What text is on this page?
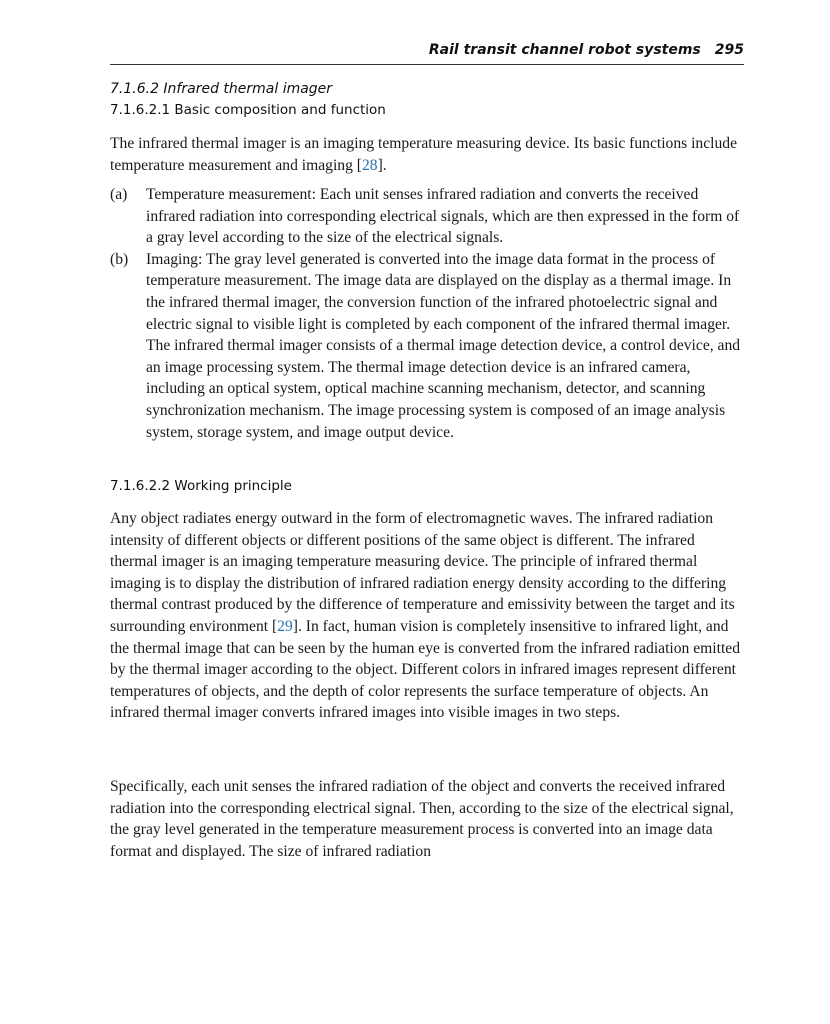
Rail transit channel robot systems 295
7.1.6.2 Infrared thermal imager
7.1.6.2.1 Basic composition and function

The infrared thermal imager is an imaging temperature measuring device. Its basic functions include temperature measurement and imaging [28].

(a) Temperature measurement: Each unit senses infrared radiation and converts the received infrared radiation into corresponding electrical signals, which are then expressed in the form of a gray level according to the size of the electrical signals.
(b) Imaging: The gray level generated is converted into the image data format in the process of temperature measurement. The image data are displayed on the display as a thermal image. In the infrared thermal imager, the conversion function of the infrared photoelectric signal and electric signal to visible light is completed by each component of the infrared thermal imager. The infrared thermal imager consists of a thermal image detection device, a control device, and an image processing system. The thermal image detection device is an infrared camera, including an optical system, optical machine scanning mechanism, detector, and scanning synchronization mechanism. The image processing system is composed of an image analysis system, storage system, and image output device.
7.1.6.2.2 Working principle

Any object radiates energy outward in the form of electromagnetic waves. The infrared radiation intensity of different objects or different positions of the same object is different. The infrared thermal imager is an imaging temperature measuring device. The principle of infrared thermal imaging is to display the distribution of infrared radiation energy density according to the differing thermal contrast produced by the difference of temperature and emissivity between the target and its surrounding environment [29]. In fact, human vision is completely insensitive to infrared light, and the thermal image that can be seen by the human eye is converted from the infrared radiation emitted by the thermal imager according to the object. Different colors in infrared images represent different temperatures of objects, and the depth of color represents the surface temperature of objects. An infrared thermal imager converts infrared images into visible images in two steps.

Specifically, each unit senses the infrared radiation of the object and converts the received infrared radiation into the corresponding electrical signal. Then, according to the size of the electrical signal, the gray level generated in the temperature measurement process is converted into an image data format and displayed. The size of infrared radiation
